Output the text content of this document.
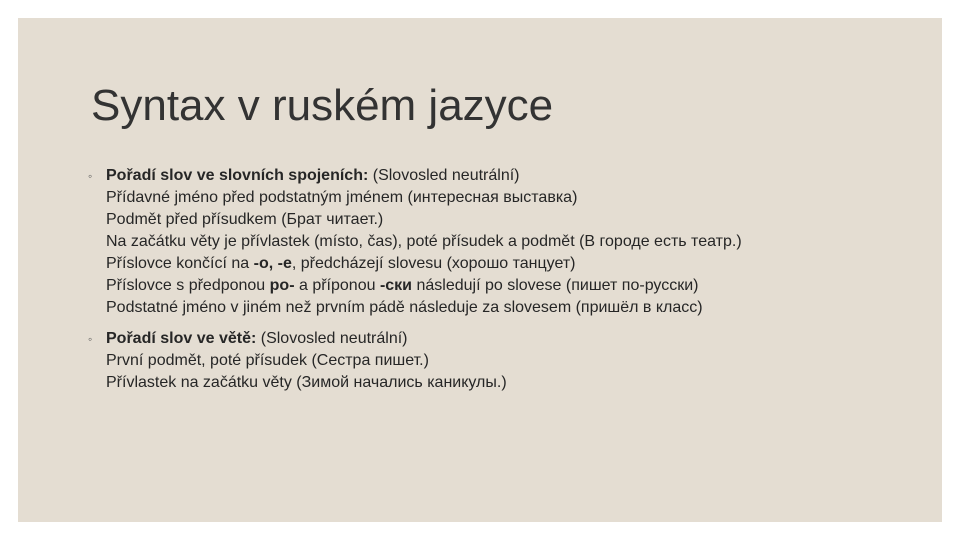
Syntax v ruském jazyce
◦ Pořadí slov ve slovních spojeních: (Slovosled neutrální)
Přídavné jméno před podstatným jménem (интересная выставка)
Podmět před přísudkem (Брат читает.)
Na začátku věty je přívlastek (místo, čas), poté přísudek a podmět (В городе есть театр.)
Příslovce končící na -o, -e, předcházejí slovesu (хорошо танцует)
Příslovce s předponou po- a příponou -ски následují po slovese (пишет по-русски)
Podstatné jméno v jiném než prvním pádě následuje za slovesem (пришёл в класс)
◦ Pořadí slov ve větě: (Slovosled neutrální)
První podmět, poté přísudek (Сестра пишет.)
Přívlastek na začátku věty (Зимой начались каникулы.)
